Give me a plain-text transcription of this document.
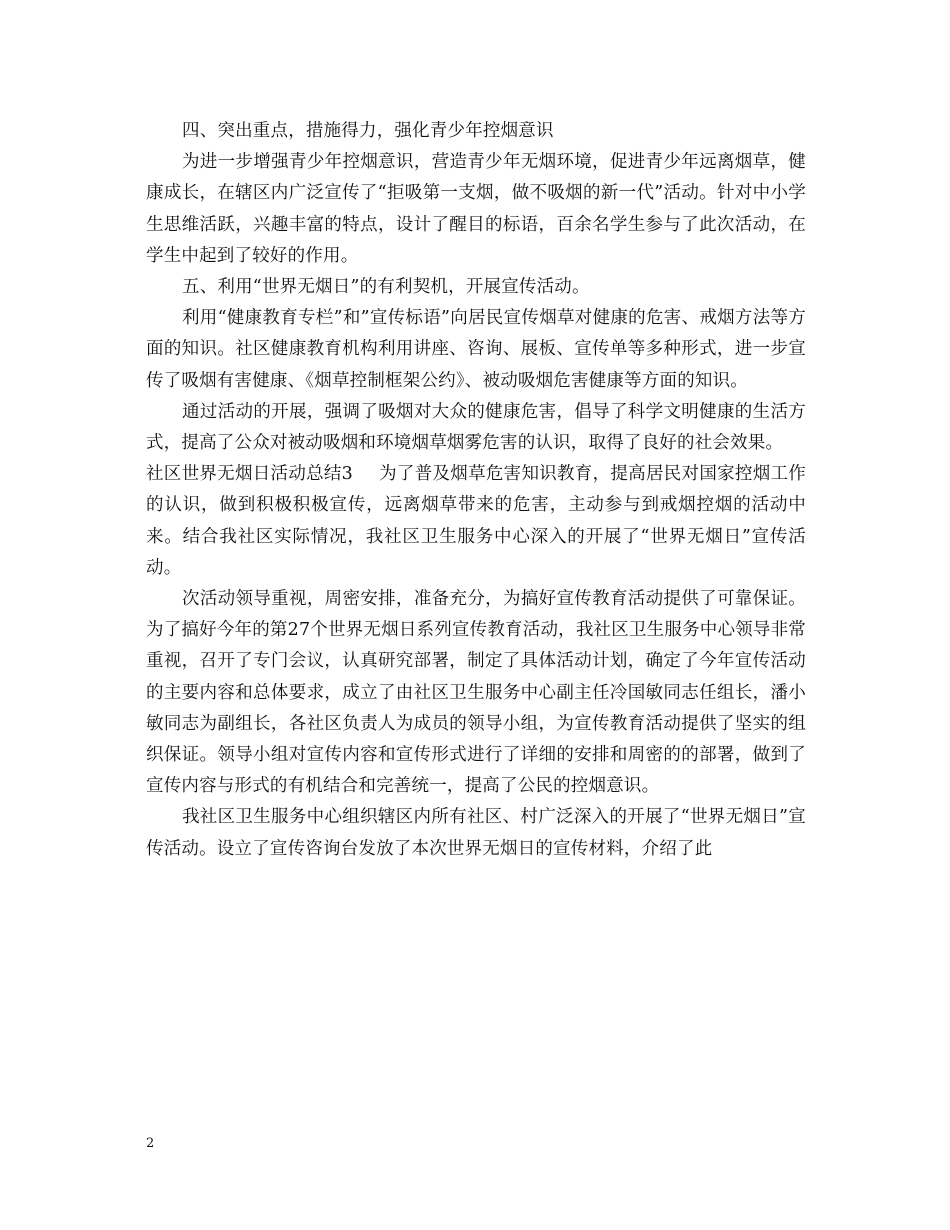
四、突出重点，措施得力，强化青少年控烟意识

为进一步增强青少年控烟意识，营造青少年无烟环境，促进青少年远离烟草，健康成长，在辖区内广泛宣传了“拒吸第一支烟，做不吸烟的新一代”活动。针对中小学生思维活跃，兴趣丰富的特点，设计了醒目的标语，百余名学生参与了此次活动，在学生中起到了较好的作用。

五、利用“世界无烟日”的有利契机，开展宣传活动。

利用“健康教育专栏”和”宣传标语”向居民宣传烟草对健康的危害、戒烟方法等方面的知识。社区健康教育机构利用讲座、咨询、展板、宣传单等多种形式，进一步宣传了吸烟有害健康、《烟草控制框架公约》、被动吸烟危害健康等方面的知识。

通过活动的开展，强调了吸烟对大众的健康危害，倡导了科学文明健康的生活方式，提高了公众对被动吸烟和环境烟草烟雾危害的认识，取得了良好的社会效果。

社区世界无烟日活动总结3 为了普及烟草危害知识教育，提高居民对国家控烟工作的认识，做到积极积极宣传，远离烟草带来的危害，主动参与到戒烟控烟的活动中来。结合我社区实际情况，我社区卫生服务中心深入的开展了“世界无烟日”宣传活动。

次活动领导重视，周密安排，准备充分，为搞好宣传教育活动提供了可靠保证。为了搞好今年的第27个世界无烟日系列宣传教育活动，我社区卫生服务中心领导非常重视，召开了专门会议，认真研究部署，制定了具体活动计划，确定了今年宣传活动的主要内容和总体要求，成立了由社区卫生服务中心副主任冷国敏同志任组长，潘小敏同志为副组长，各社区负责人为成员的领导小组，为宣传教育活动提供了坚实的组织保证。领导小组对宣传内容和宣传形式进行了详细的安排和周密的的部署，做到了宣传内容与形式的有机结合和完善统一，提高了公民的控烟意识。

我社区卫生服务中心组织辖区内所有社区、村广泛深入的开展了“世界无烟日”宣传活动。设立了宣传咨询台发放了本次世界无烟日的宣传材料，介绍了此

2
